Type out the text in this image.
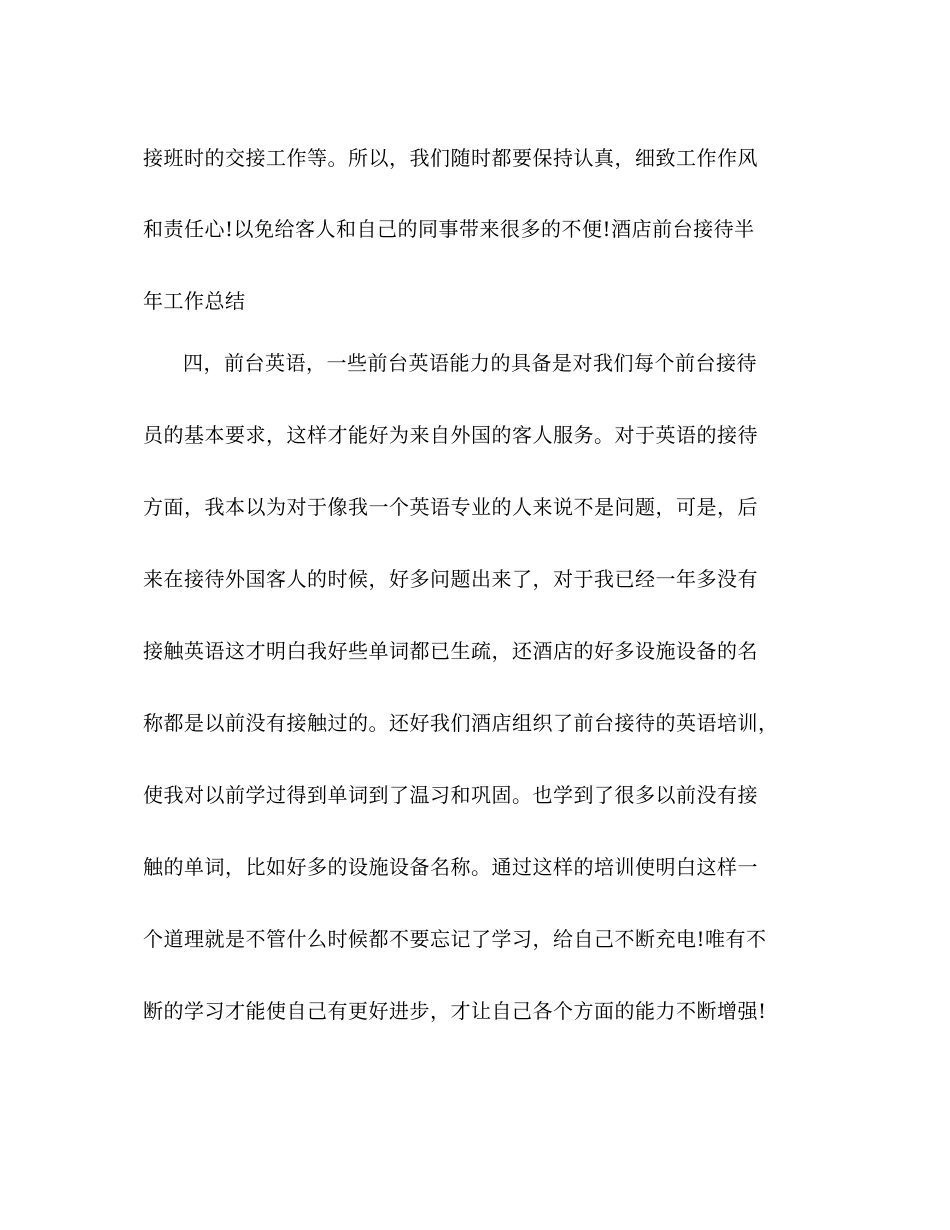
接班时的交接工作等。所以，我们随时都要保持认真，细致工作作风
和责任心!以免给客人和自己的同事带来很多的不便!酒店前台接待半
年工作总结
四，前台英语，一些前台英语能力的具备是对我们每个前台接待
员的基本要求，这样才能好为来自外国的客人服务。对于英语的接待
方面，我本以为对于像我一个英语专业的人来说不是问题，可是，后
来在接待外国客人的时候，好多问题出来了，对于我已经一年多没有
接触英语这才明白我好些单词都已生疏，还酒店的好多设施设备的名
称都是以前没有接触过的。还好我们酒店组织了前台接待的英语培训，
使我对以前学过得到单词到了温习和巩固。也学到了很多以前没有接
触的单词，比如好多的设施设备名称。通过这样的培训使明白这样一
个道理就是不管什么时候都不要忘记了学习，给自己不断充电!唯有不
断的学习才能使自己有更好进步，才让自己各个方面的能力不断增强!
